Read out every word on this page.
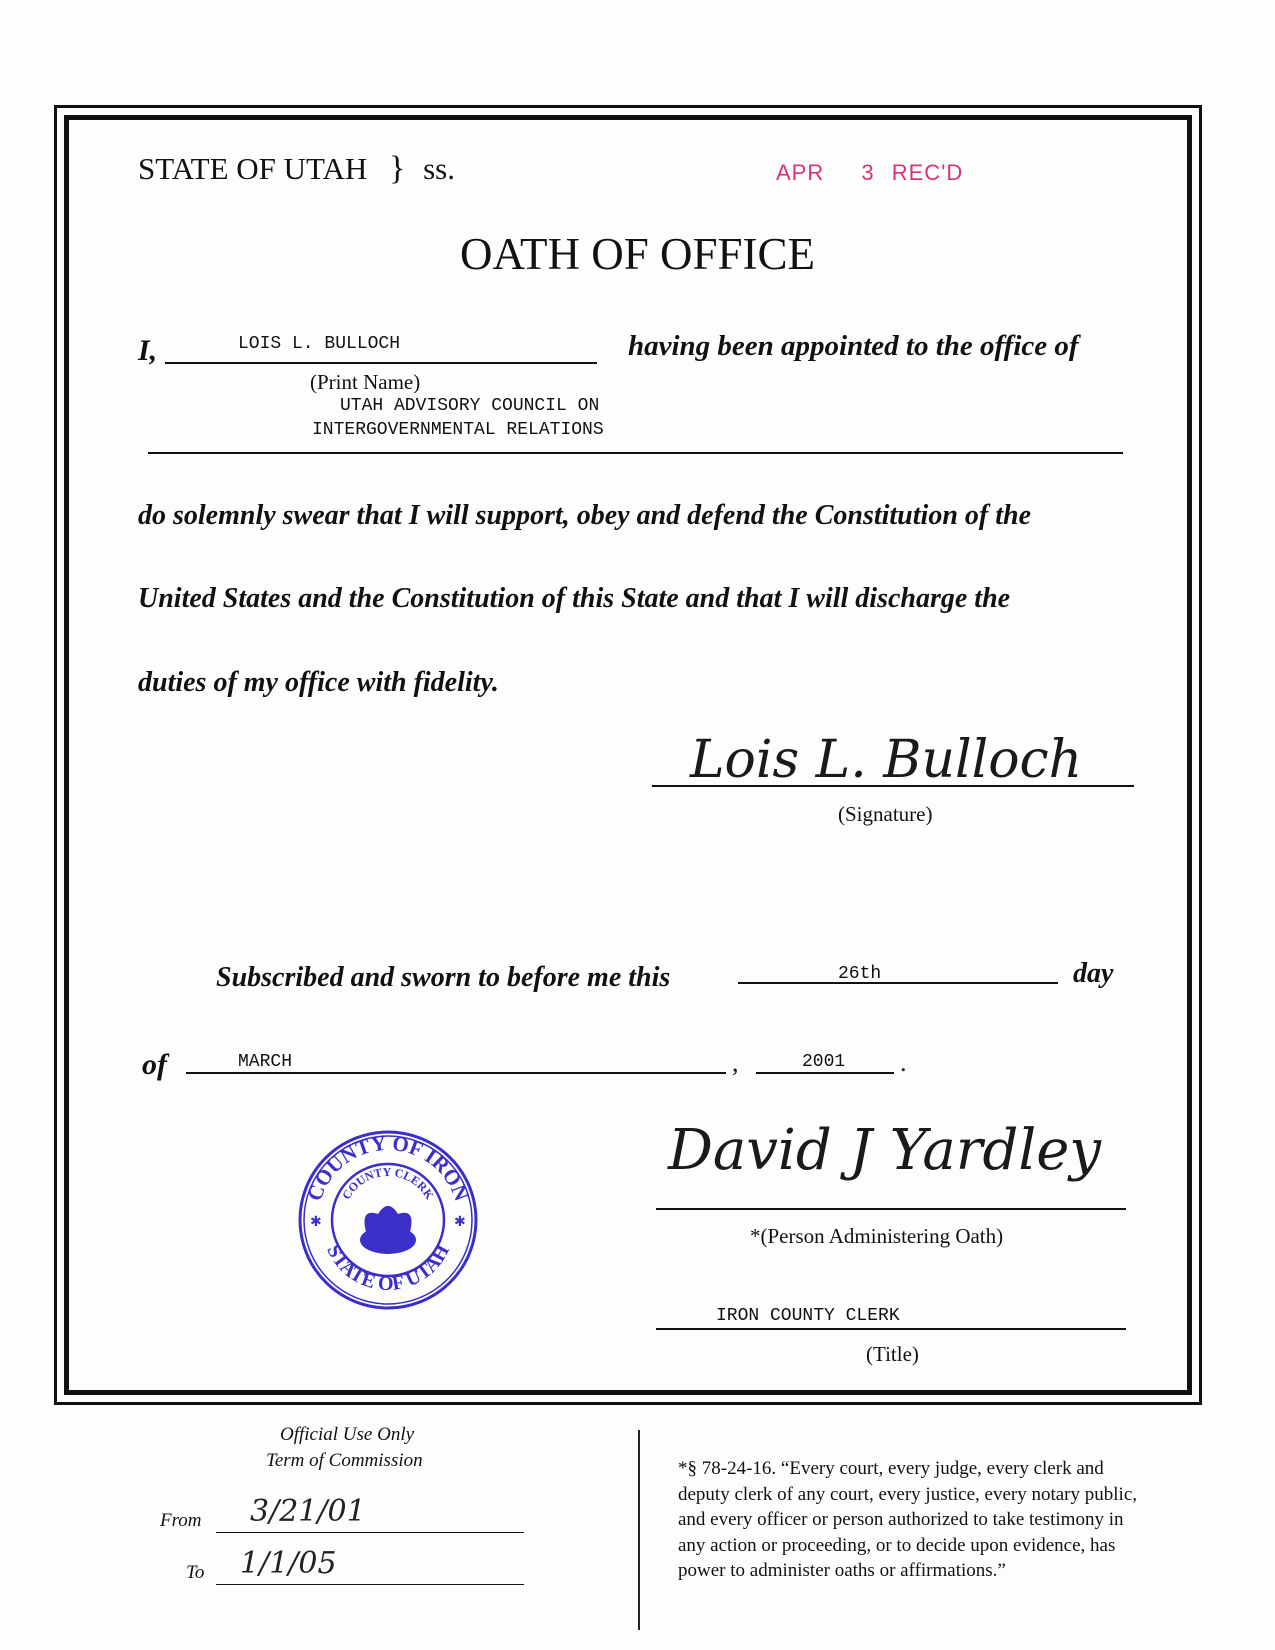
STATE OF UTAH } ss.	APR 3 REC'D
OATH OF OFFICE
I,	LOIS L. BULLOCH	having been appointed to the office of
(Print Name)
UTAH ADVISORY COUNCIL ON
INTERGOVERNMENTAL RELATIONS
do solemnly swear that I will support, obey and defend the Constitution of the
United States and the Constitution of this State and that I will discharge the
duties of my office with fidelity.
Lois L. Bulloch
(Signature)
Subscribed and sworn to before me this	26th	day
of	MARCH	,	2001 .
COUNTY OF IRON
STATE OF UTAH
COUNTY CLERK
✱	✱
David J Yardley
*(Person Administering Oath)
IRON COUNTY CLERK
(Title)
Official Use Only
Term of Commission
From 3/21/01
To 1/1/05
*§ 78-24-16. “Every court, every judge, every clerk and
deputy clerk of any court, every justice, every notary public,
and every officer or person authorized to take testimony in
any action or proceeding, or to decide upon evidence, has
power to administer oaths or affirmations.”
